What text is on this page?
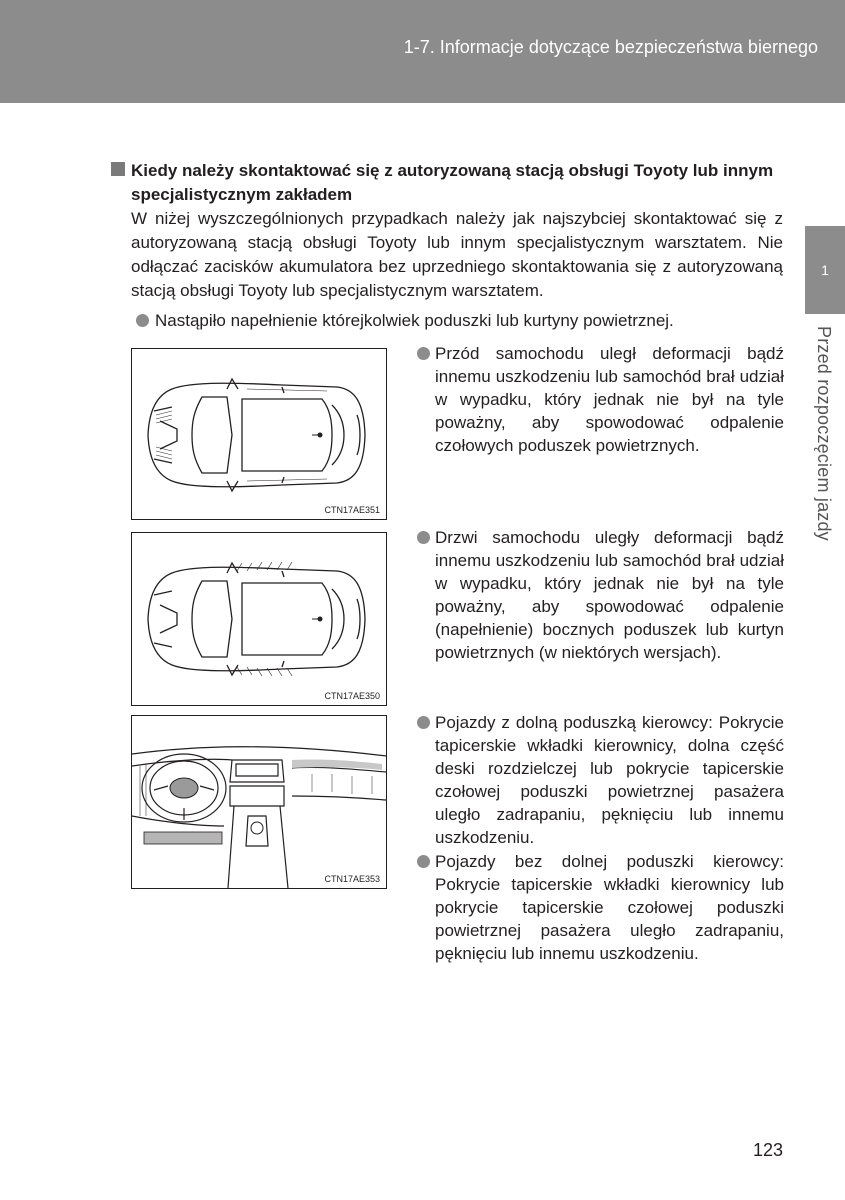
1-7. Informacje dotyczące bezpieczeństwa biernego
1
Przed rozpoczęciem jazdy
Kiedy należy skontaktować się z autoryzowaną stacją obsługi Toyoty lub innym specjalistycznym zakładem
W niżej wyszczególnionych przypadkach należy jak najszybciej skontaktować się z autoryzowaną stacją obsługi Toyoty lub innym specjalistycznym warsztatem. Nie odłączać zacisków akumulatora bez uprzedniego skontaktowania się z autoryzowaną stacją obsługi Toyoty lub specjalistycznym warsztatem.
Nastąpiło napełnienie którejkolwiek poduszki lub kurtyny powietrznej.
CTN17AE351
CTN17AE350
CTN17AE353
Przód samochodu uległ deformacji bądź innemu uszkodzeniu lub samochód brał udział w wypadku, który jednak nie był na tyle poważny, aby spowodować odpalenie czołowych poduszek powietrznych.
Drzwi samochodu uległy deformacji bądź innemu uszkodzeniu lub samochód brał udział w wypadku, który jednak nie był na tyle poważny, aby spowodować odpalenie (napełnienie) bocznych poduszek lub kurtyn powietrznych (w niektórych wersjach).
Pojazdy z dolną poduszką kierowcy: Pokrycie tapicerskie wkładki kierownicy, dolna część deski rozdzielczej lub pokrycie tapicerskie czołowej poduszki powietrznej pasażera uległo zadrapaniu, pęknięciu lub innemu uszkodzeniu.
Pojazdy bez dolnej poduszki kierowcy: Pokrycie tapicerskie wkładki kierownicy lub pokrycie tapicerskie czołowej poduszki powietrznej pasażera uległo zadrapaniu, pęknięciu lub innemu uszkodzeniu.
123
